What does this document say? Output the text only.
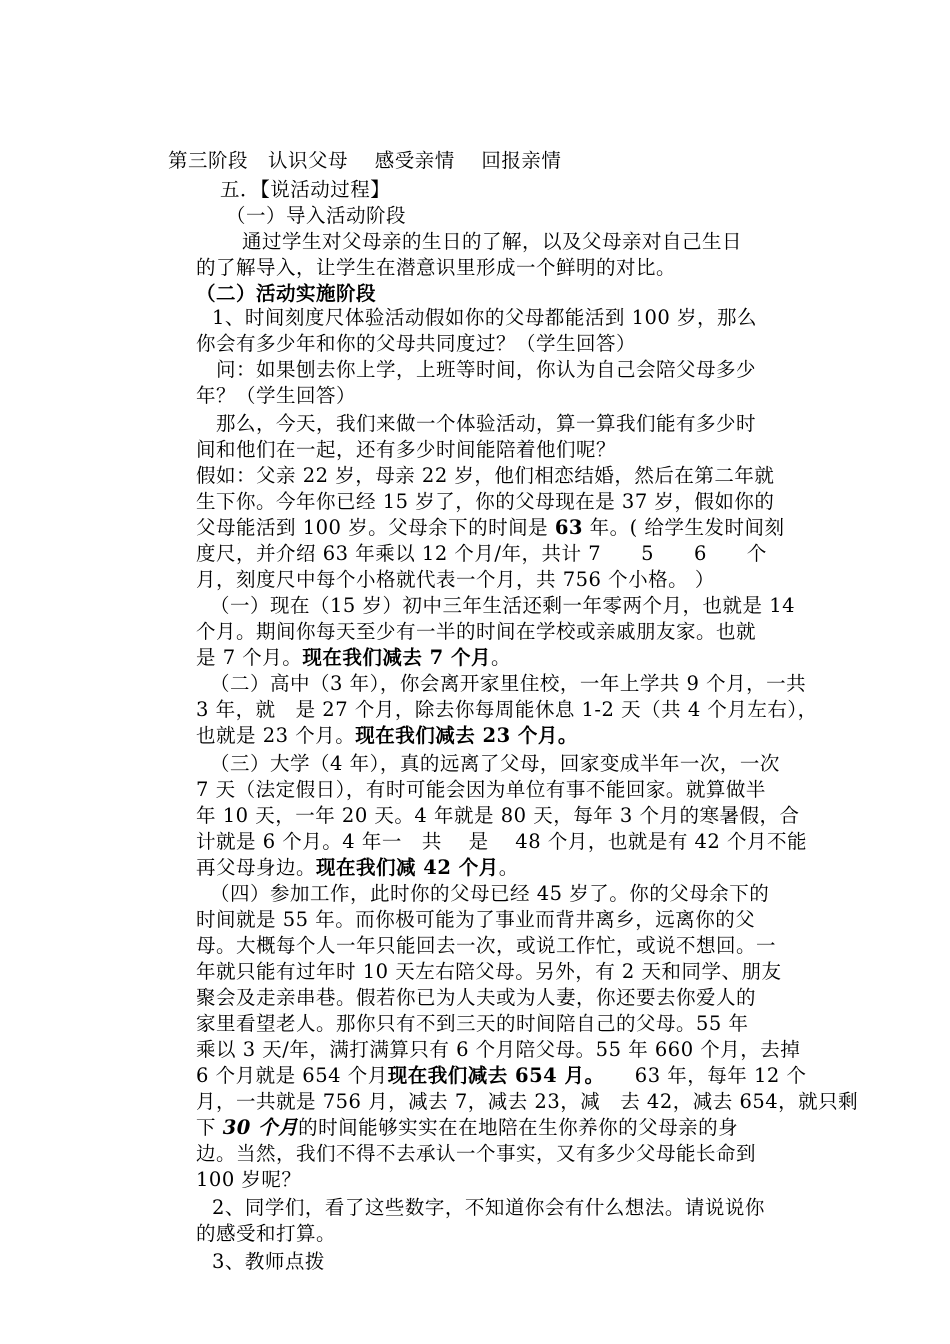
第三阶段　认识父母　 感受亲情　 回报亲情
五．【说活动过程】
（一）导入活动阶段
通过学生对父母亲的生日的了解，以及父母亲对自己生日
的了解导入，让学生在潜意识里形成一个鲜明的对比。
（二）活动实施阶段
1、时间刻度尺体验活动假如你的父母都能活到 100 岁，那么
你会有多少年和你的父母共同度过？（学生回答）
问：如果刨去你上学，上班等时间，你认为自己会陪父母多少
年？（学生回答）
那么，今天，我们来做一个体验活动，算一算我们能有多少时
间和他们在一起，还有多少时间能陪着他们呢？
假如：父亲 22 岁，母亲 22 岁，他们相恋结婚，然后在第二年就
生下你。今年你已经 15 岁了，你的父母现在是 37 岁，假如你的
父母能活到 100 岁。父母余下的时间是 63 年。( 给学生发时间刻
度尺，并介绍 63 年乘以 12 个月/年，共计 7　　5　　6　　个
月，刻度尺中每个小格就代表一个月，共 756 个小格。 ）
（一）现在（15 岁）初中三年生活还剩一年零两个月，也就是 14
个月。期间你每天至少有一半的时间在学校或亲戚朋友家。也就
是 7 个月。现在我们减去 7 个月。
（二）高中（3 年），你会离开家里住校，一年上学共 9 个月，一共
3 年，就　是 27 个月，除去你每周能休息 1-2 天（共 4 个月左右），
也就是 23 个月。现在我们减去 23 个月。
（三）大学（4 年），真的远离了父母，回家变成半年一次，一次
7 天（法定假日），有时可能会因为单位有事不能回家。就算做半
年 10 天，一年 20 天。4 年就是 80 天，每年 3 个月的寒暑假，合
计就是 6 个月。4 年一　共　 是　 48 个月，也就是有 42 个月不能
再父母身边。现在我们减 42 个月。
（四）参加工作，此时你的父母已经 45 岁了。你的父母余下的
时间就是 55 年。而你极可能为了事业而背井离乡，远离你的父
母。大概每个人一年只能回去一次，或说工作忙，或说不想回。一
年就只能有过年时 10 天左右陪父母。另外，有 2 天和同学、朋友
聚会及走亲串巷。假若你已为人夫或为人妻，你还要去你爱人的
家里看望老人。那你只有不到三天的时间陪自己的父母。55 年
乘以 3 天/年，满打满算只有 6 个月陪父母。55 年 660 个月，去掉
6 个月就是 654 个月现在我们减去 654 月。　　63 年，每年 12 个
月，一共就是 756 月，减去 7，减去 23，减　去 42，减去 654，就只剩
下 30 个月的时间能够实实在在地陪在生你养你的父母亲的身
边。当然，我们不得不去承认一个事实，又有多少父母能长命到
100 岁呢？
2、同学们，看了这些数字，不知道你会有什么想法。请说说你
的感受和打算。
3、教师点拨
